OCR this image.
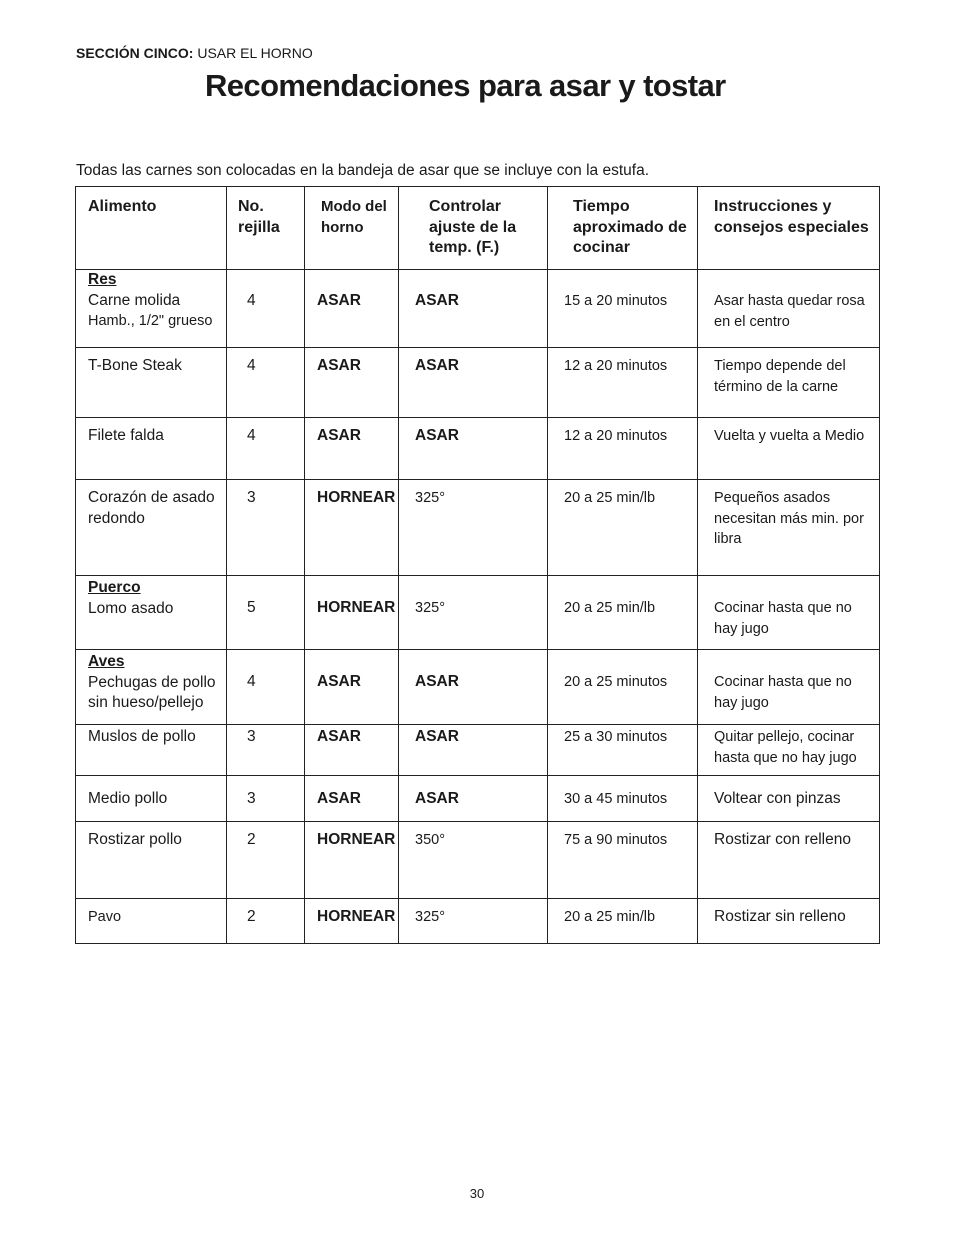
SECCIÓN CINCO: USAR EL HORNO
Recomendaciones para asar y tostar
Todas las carnes son colocadas en la bandeja de asar que se incluye con la estufa.
Alimento	No. rejilla	Modo del horno	Controlar ajuste de la temp. (F.)	Tiempo aproximado de cocinar	Instrucciones y consejos especiales

Res
Carne molida
Hamb., 1/2" grueso	4	ASAR	ASAR	15 a 20 minutos	Asar hasta quedar rosa en el centro
T-Bone Steak	4	ASAR	ASAR	12 a 20 minutos	Tiempo depende del término de la carne
Filete falda	4	ASAR	ASAR	12 a 20 minutos	Vuelta y vuelta a Medio
Corazón de asado redondo	3	HORNEAR	325°	20 a 25 min/lb	Pequeños asados necesitan más min. por libra

Puerco
Lomo asado	5	HORNEAR	325°	20 a 25 min/lb	Cocinar hasta que no hay jugo

Aves
Pechugas de pollo sin hueso/pellejo	4	ASAR	ASAR	20 a 25 minutos	Cocinar hasta que no hay jugo
Muslos de pollo	3	ASAR	ASAR	25 a 30 minutos	Quitar pellejo, cocinar hasta que no hay jugo
Medio pollo	3	ASAR	ASAR	30 a 45 minutos	Voltear con pinzas
Rostizar pollo	2	HORNEAR	350°	75 a 90 minutos	Rostizar con relleno
Pavo	2	HORNEAR	325°	20 a 25 min/lb	Rostizar sin relleno
30
